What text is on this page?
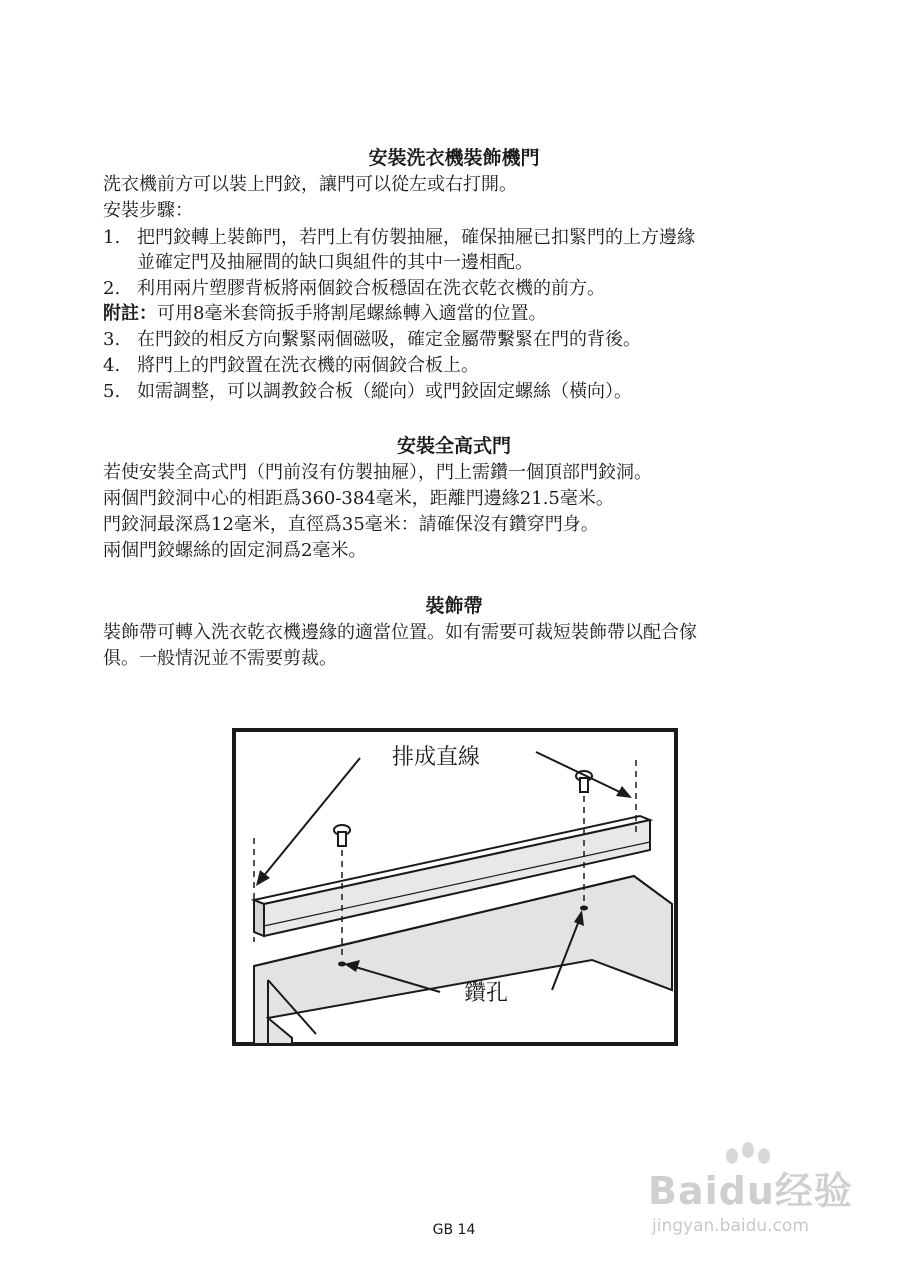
安裝洗衣機裝飾機門

洗衣機前方可以裝上門鉸，讓門可以從左或右打開。

安裝步驟：

1. 把門鉸轉上裝飾門，若門上有仿製抽屜，確保抽屜已扣緊門的上方邊緣

並確定門及抽屜間的缺口與組件的其中一邊相配。

2. 利用兩片塑膠背板將兩個鉸合板穩固在洗衣乾衣機的前方。

附註：可用8毫米套筒扳手將割尾螺絲轉入適當的位置。

3. 在門鉸的相反方向繫緊兩個磁吸，確定金屬帶繫緊在門的背後。

4. 將門上的門鉸置在洗衣機的兩個鉸合板上。

5. 如需調整，可以調教鉸合板（縱向）或門鉸固定螺絲（橫向）。

安裝全高式門

若使安裝全高式門（門前沒有仿製抽屜），門上需鑽一個頂部門鉸洞。

兩個門鉸洞中心的相距爲360-384毫米，距離門邊緣21.5毫米。

門鉸洞最深爲12毫米，直徑爲35毫米：請確保沒有鑽穿門身。

兩個門鉸螺絲的固定洞爲2毫米。

裝飾帶

裝飾帶可轉入洗衣乾衣機邊緣的適當位置。如有需要可裁短裝飾帶以配合傢

俱。一般情況並不需要剪裁。

排成直線
鑽孔
GB 14
Baidu经验
jingyan.baidu.com
